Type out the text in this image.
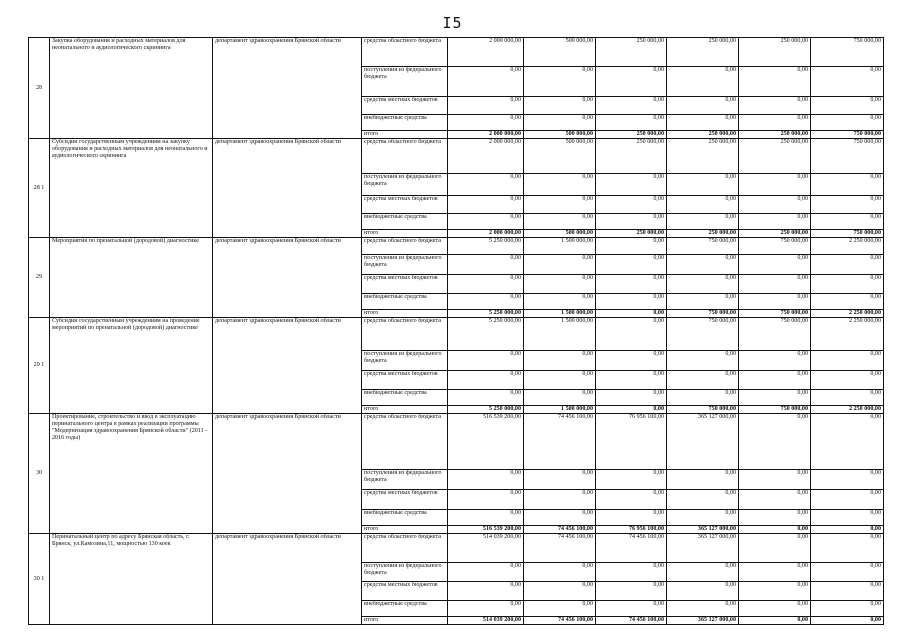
I5
28	Закупка оборудования и расходных материалов для неонатального и аудиологического скрининга	департамент здравоохранения Брянской области	средства областного бюджета	2 000 000,00	500 000,00	250 000,00	250 000,00	250 000,00	750 000,00
			поступления из федерального бюджета	0,00	0,00	0,00	0,00	0,00	0,00
			средства местных бюджетов	0,00	0,00	0,00	0,00	0,00	0,00
			внебюджетные средства	0,00	0,00	0,00	0,00	0,00	0,00
			итого	2 000 000,00	500 000,00	250 000,00	250 000,00	250 000,00	750 000,00
28 1	Субсидии государственным учреждениям на закупку оборудования и расходных материалов для неонатального и аудиологического скрининга	департамент здравоохранения Брянской области	средства областного бюджета	2 000 000,00	500 000,00	250 000,00	250 000,00	250 000,00	750 000,00
			поступления из федерального бюджета	0,00	0,00	0,00	0,00	0,00	0,00
			средства местных бюджетов	0,00	0,00	0,00	0,00	0,00	0,00
			внебюджетные средства	0,00	0,00	0,00	0,00	0,00	0,00
			итого	2 000 000,00	500 000,00	250 000,00	250 000,00	250 000,00	750 000,00
29	Мероприятия по пренатальной (дородовой) диагностике	департамент здравоохранения Брянской области	средства областного бюджета	5 250 000,00	1 500 000,00	0,00	750 000,00	750 000,00	2 250 000,00
			поступления из федерального бюджета	0,00	0,00	0,00	0,00	0,00	0,00
			средства местных бюджетов	0,00	0,00	0,00	0,00	0,00	0,00
			внебюджетные средства	0,00	0,00	0,00	0,00	0,00	0,00
			итого	5 250 000,00	1 500 000,00	0,00	750 000,00	750 000,00	2 250 000,00
29 1	Субсидии государственным учреждениям на проведение мероприятий по пренатальной (дородовой) диагностике	департамент здравоохранения Брянской области	средства областного бюджета	5 250 000,00	1 500 000,00	0,00	750 000,00	750 000,00	2 250 000,00
			поступления из федерального бюджета	0,00	0,00	0,00	0,00	0,00	0,00
			средства местных бюджетов	0,00	0,00	0,00	0,00	0,00	0,00
			внебюджетные средства	0,00	0,00	0,00	0,00	0,00	0,00
			итого	5 250 000,00	1 500 000,00	0,00	750 000,00	750 000,00	2 250 000,00
30	Проектирование, строительство и ввод в эксплуатацию перинатального центра в рамках реализации программы "Модернизация здравоохранения Брянской области" (2011 - 2016 годы)	департамент здравоохранения Брянской области	средства областного бюджета	516 539 200,00	74 456 100,00	76 956 100,00	365 127 000,00	0,00	0,00
			поступления из федерального бюджета	0,00	0,00	0,00	0,00	0,00	0,00
			средства местных бюджетов	0,00	0,00	0,00	0,00	0,00	0,00
			внебюджетные средства	0,00	0,00	0,00	0,00	0,00	0,00
			итого	516 539 200,00	74 456 100,00	76 956 100,00	365 127 000,00	0,00	0,00
30 1	Перинатальный центр по адресу Брянская область, г. Брянск, ул.Камозина,11, мощностью 130 коек	департамент здравоохранения Брянской области	средства областного бюджета	514 039 200,00	74 456 100,00	74 456 100,00	365 127 000,00	0,00	0,00
			поступления из федерального бюджета	0,00	0,00	0,00	0,00	0,00	0,00
			средства местных бюджетов	0,00	0,00	0,00	0,00	0,00	0,00
			внебюджетные средства	0,00	0,00	0,00	0,00	0,00	0,00
			итого	514 039 200,00	74 456 100,00	74 456 100,00	365 127 000,00	0,00	0,00
